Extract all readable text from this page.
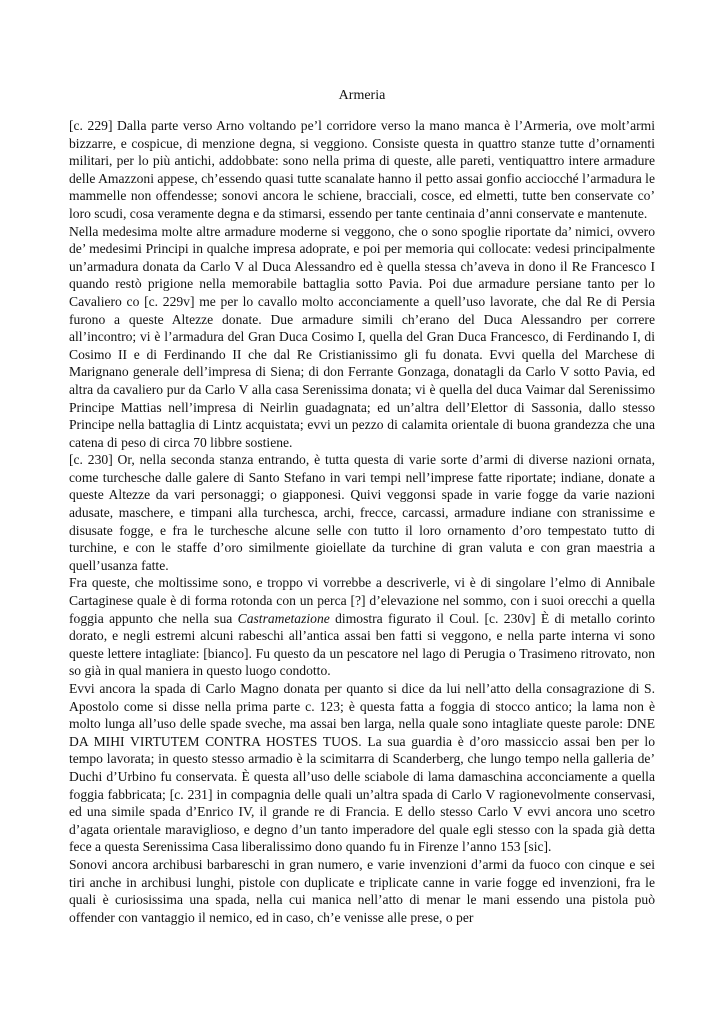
Armeria

[c. 229] Dalla parte verso Arno voltando pe’l corridore verso la mano manca è l’Armeria, ove molt’armi bizzarre, e cospicue, di menzione degna, si veggiono. Consiste questa in quattro stanze tutte d’ornamenti militari, per lo più antichi, addobbate: sono nella prima di queste, alle pareti, ventiquattro intere armadure delle Amazzoni appese, ch’essendo quasi tutte scanalate hanno il petto assai gonfio acciocché l’armadura le mammelle non offendesse; sonovi ancora le schiene, bracciali, cosce, ed elmetti, tutte ben conservate co’ loro scudi, cosa veramente degna e da stimarsi, essendo per tante centinaia d’anni conservate e mantenute.

Nella medesima molte altre armadure moderne si veggono, che o sono spoglie riportate da’ nimici, ovvero de’ medesimi Principi in qualche impresa adoprate, e poi per memoria qui collocate: vedesi principalmente un’armadura donata da Carlo V al Duca Alessandro ed è quella stessa ch’aveva in dono il Re Francesco I quando restò prigione nella memorabile battaglia sotto Pavia. Poi due armadure persiane tanto per lo Cavaliero co [c. 229v] me per lo cavallo molto acconciamente a quell’uso lavorate, che dal Re di Persia furono a queste Altezze donate. Due armadure simili ch’erano del Duca Alessandro per correre all’incontro; vi è l’armadura del Gran Duca Cosimo I, quella del Gran Duca Francesco, di Ferdinando I, di Cosimo II e di Ferdinando II che dal Re Cristianissimo gli fu donata. Evvi quella del Marchese di Marignano generale dell’impresa di Siena; di don Ferrante Gonzaga, donatagli da Carlo V sotto Pavia, ed altra da cavaliero pur da Carlo V alla casa Serenissima donata; vi è quella del duca Vaimar dal Serenissimo Principe Mattias nell’impresa di Neirlin guadagnata; ed un’altra dell’Elettor di Sassonia, dallo stesso Principe nella battaglia di Lintz acquistata; evvi un pezzo di calamita orientale di buona grandezza che una catena di peso di circa 70 libbre sostiene.

[c. 230] Or, nella seconda stanza entrando, è tutta questa di varie sorte d’armi di diverse nazioni ornata, come turchesche dalle galere di Santo Stefano in vari tempi nell’imprese fatte riportate; indiane, donate a queste Altezze da vari personaggi; o giapponesi. Quivi veggonsi spade in varie fogge da varie nazioni adusate, maschere, e timpani alla turchesca, archi, frecce, carcassi, armadure indiane con stranissime e disusate fogge, e fra le turchesche alcune selle con tutto il loro ornamento d’oro tempestato tutto di turchine, e con le staffe d’oro similmente gioiellate da turchine di gran valuta e con gran maestria a quell’usanza fatte.

Fra queste, che moltissime sono, e troppo vi vorrebbe a descriverle, vi è di singolare l’elmo di Annibale Cartaginese quale è di forma rotonda con un perca [?] d’elevazione nel sommo, con i suoi orecchi a quella foggia appunto che nella sua Castrametazione dimostra figurato il Coul. [c. 230v] È di metallo corinto dorato, e negli estremi alcuni rabeschi all’antica assai ben fatti si veggono, e nella parte interna vi sono queste lettere intagliate: [bianco]. Fu questo da un pescatore nel lago di Perugia o Trasimeno ritrovato, non so già in qual maniera in questo luogo condotto.

Evvi ancora la spada di Carlo Magno donata per quanto si dice da lui nell’atto della consagrazione di S. Apostolo come si disse nella prima parte c. 123; è questa fatta a foggia di stocco antico; la lama non è molto lunga all’uso delle spade sveche, ma assai ben larga, nella quale sono intagliate queste parole: DNE DA MIHI VIRTUTEM CONTRA HOSTES TUOS. La sua guardia è d’oro massiccio assai ben per lo tempo lavorata; in questo stesso armadio è la scimitarra di Scanderberg, che lungo tempo nella galleria de’ Duchi d’Urbino fu conservata. È questa all’uso delle sciabole di lama damaschina acconciamente a quella foggia fabbricata; [c. 231] in compagnia delle quali un’altra spada di Carlo V ragionevolmente conservasi, ed una simile spada d’Enrico IV, il grande re di Francia. E dello stesso Carlo V evvi ancora uno scetro d’agata orientale maraviglioso, e degno d’un tanto imperadore del quale egli stesso con la spada già detta fece a questa Serenissima Casa liberalissimo dono quando fu in Firenze l’anno 153 [sic].

Sonovi ancora archibusi barbareschi in gran numero, e varie invenzioni d’armi da fuoco con cinque e sei tiri anche in archibusi lunghi, pistole con duplicate e triplicate canne in varie fogge ed invenzioni, fra le quali è curiosissima una spada, nella cui manica nell’atto di menar le mani essendo una pistola può offender con vantaggio il nemico, ed in caso, ch’e venisse alle prese, o per
